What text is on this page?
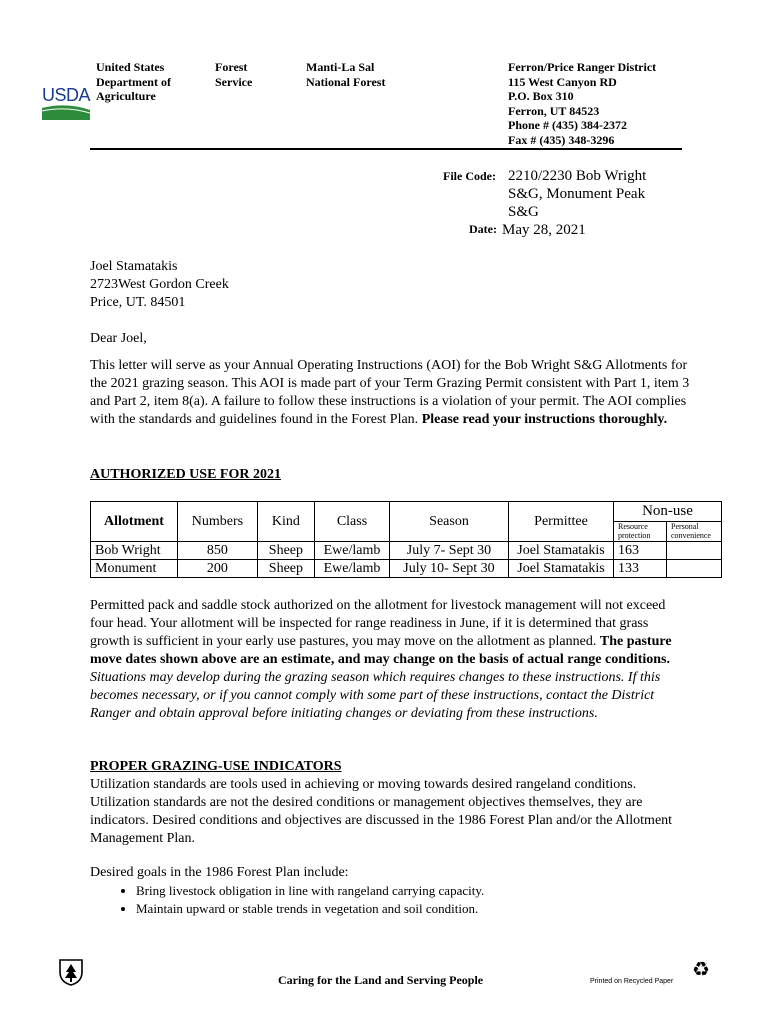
USDA
United States
Department of
Agriculture
Forest
Service
Manti-La Sal
National Forest
Ferron/Price Ranger District
115 West Canyon RD
P.O. Box 310
Ferron, UT 84523
Phone # (435) 384-2372
Fax # (435) 348-3296
File Code: 2210/2230 Bob Wright
S&G, Monument Peak
S&G
Date: May 28, 2021
Joel Stamatakis
2723West Gordon Creek
Price, UT. 84501
Dear Joel,
This letter will serve as your Annual Operating Instructions (AOI) for the Bob Wright S&G Allotments for the 2021 grazing season. This AOI is made part of your Term Grazing Permit consistent with Part 1, item 3 and Part 2, item 8(a). A failure to follow these instructions is a violation of your permit. The AOI complies with the standards and guidelines found in the Forest Plan. Please read your instructions thoroughly.
AUTHORIZED USE FOR 2021
Allotment	Numbers	Kind	Class	Season	Permittee	Non-use	
						Resource protection	Personal convenience
Bob Wright	850	Sheep	Ewe/lamb	July 7- Sept 30	Joel Stamatakis	163	
Monument	200	Sheep	Ewe/lamb	July 10- Sept 30	Joel Stamatakis	133	
Permitted pack and saddle stock authorized on the allotment for livestock management will not exceed four head. Your allotment will be inspected for range readiness in June, if it is determined that grass growth is sufficient in your early use pastures, you may move on the allotment as planned. The pasture move dates shown above are an estimate, and may change on the basis of actual range conditions. Situations may develop during the grazing season which requires changes to these instructions. If this becomes necessary, or if you cannot comply with some part of these instructions, contact the District Ranger and obtain approval before initiating changes or deviating from these instructions.
PROPER GRAZING-USE INDICATORS
Utilization standards are tools used in achieving or moving towards desired rangeland conditions. Utilization standards are not the desired conditions or management objectives themselves, they are indicators. Desired conditions and objectives are discussed in the 1986 Forest Plan and/or the Allotment Management Plan.
Desired goals in the 1986 Forest Plan include:
• Bring livestock obligation in line with rangeland carrying capacity.
• Maintain upward or stable trends in vegetation and soil condition.
Caring for the Land and Serving People	Printed on Recycled Paper
♻
